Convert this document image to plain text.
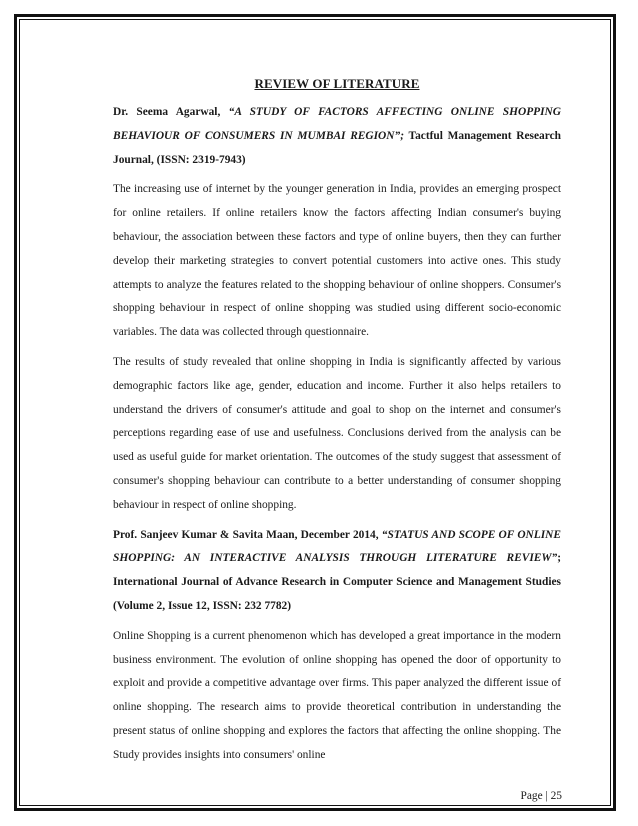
REVIEW OF LITERATURE

Dr. Seema Agarwal, “A STUDY OF FACTORS AFFECTING ONLINE SHOPPING BEHAVIOUR OF CONSUMERS IN MUMBAI REGION”; Tactful Management Research Journal, (ISSN: 2319-7943)

The increasing use of internet by the younger generation in India, provides an emerging prospect for online retailers. If online retailers know the factors affecting Indian consumer's buying behaviour, the association between these factors and type of online buyers, then they can further develop their marketing strategies to convert potential customers into active ones. This study attempts to analyze the features related to the shopping behaviour of online shoppers. Consumer's shopping behaviour in respect of online shopping was studied using different socio-economic variables. The data was collected through questionnaire.

The results of study revealed that online shopping in India is significantly affected by various demographic factors like age, gender, education and income. Further it also helps retailers to understand the drivers of consumer's attitude and goal to shop on the internet and consumer's perceptions regarding ease of use and usefulness. Conclusions derived from the analysis can be used as useful guide for market orientation. The outcomes of the study suggest that assessment of consumer's shopping behaviour can contribute to a better understanding of consumer shopping behaviour in respect of online shopping.

Prof. Sanjeev Kumar & Savita Maan, December 2014, “STATUS AND SCOPE OF ONLINE SHOPPING: AN INTERACTIVE ANALYSIS THROUGH LITERATURE REVIEW”; International Journal of Advance Research in Computer Science and Management Studies (Volume 2, Issue 12, ISSN: 232 7782)

Online Shopping is a current phenomenon which has developed a great importance in the modern business environment. The evolution of online shopping has opened the door of opportunity to exploit and provide a competitive advantage over firms. This paper analyzed the different issue of online shopping. The research aims to provide theoretical contribution in understanding the present status of online shopping and explores the factors that affecting the online shopping. The Study provides insights into consumers' online

Page | 25
